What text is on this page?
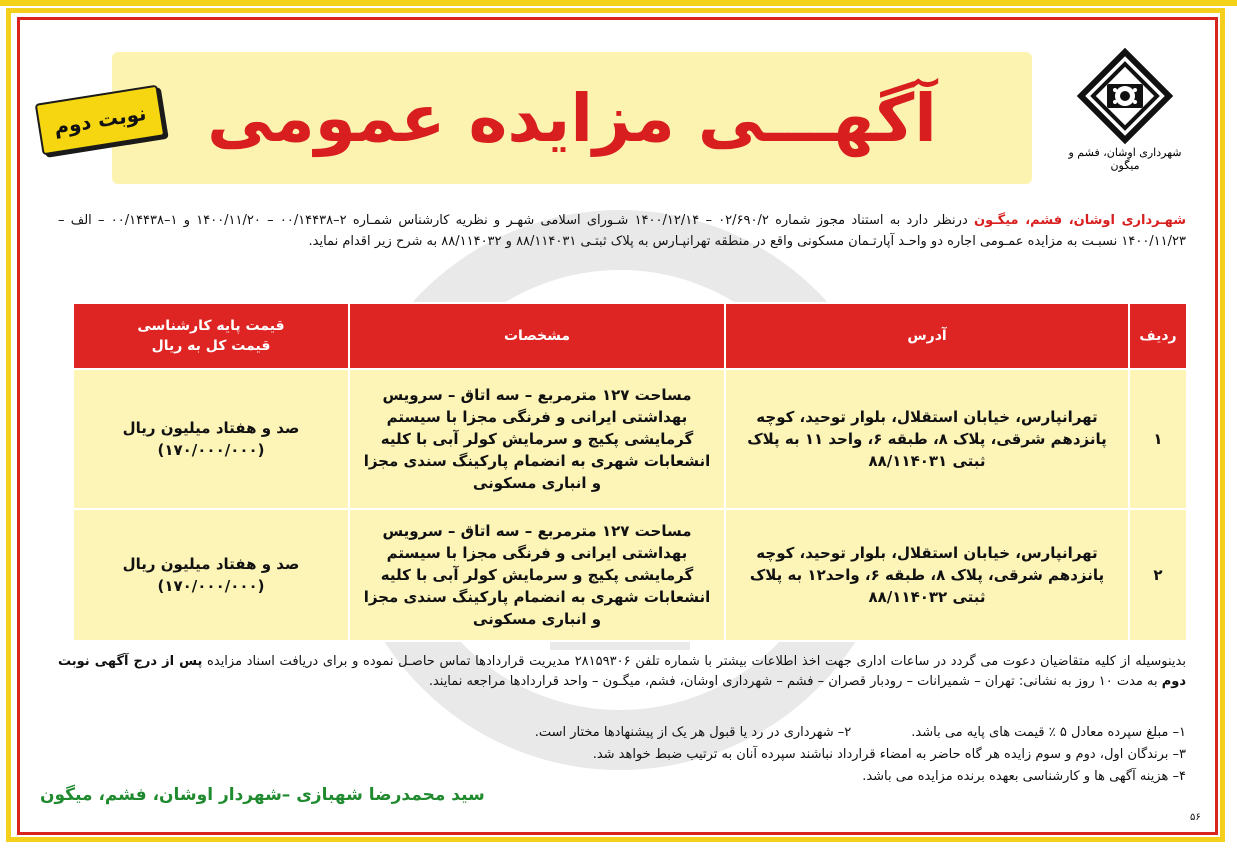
شهرداری اوشان، فشم و میگون
آگهـــی مزایده عمومی
نوبت دوم
شهـرداری اوشان، فشم، میگـون درنظر دارد به استناد مجوز شماره ۰۲/۶۹۰/۲ – ۱۴۰۰/۱۲/۱۴ شـورای اسلامی شهـر و نظریه کارشناس شمـاره ۲–۰۰/۱۴۴۳۸ – ۱۴۰۰/۱۱/۲۰ و ۱–۰۰/۱۴۴۳۸ – الف – ۱۴۰۰/۱۱/۲۳ نسبـت به مزایده عمـومی اجاره دو واحـد آپارتـمان مسکونی واقع در منطقه تهرانپـارس به پلاک ثبتـی ۸۸/۱۱۴۰۳۱ و ۸۸/۱۱۴۰۳۲ به شرح زیر اقدام نماید.
ردیف	آدرس	مشخصات	قیمت پایه کارشناسی
قیمت کل به ریال
۱	تهرانپارس، خیابان استقلال، بلوار توحید، کوچه پانزدهم شرقی، پلاک ۸، طبقه ۶، واحد ۱۱ به پلاک ثبتی ۸۸/۱۱۴۰۳۱	مساحت ۱۲۷ مترمربع – سه اتاق – سرویس بهداشتی ایرانی و فرنگی مجزا با سیستم گرمایشی پکیج و سرمایش کولر آبی با کلیه انشعابات شهری به انضمام پارکینگ سندی مجزا و انباری مسکونی	صد و هفتاد میلیون ریال
(۱۷۰/۰۰۰/۰۰۰)

۲	تهرانپارس، خیابان استقلال، بلوار توحید، کوچه پانزدهم شرقی، پلاک ۸، طبقه ۶، واحد۱۲ به پلاک ثبتی ۸۸/۱۱۴۰۳۲	مساحت ۱۲۷ مترمربع – سه اتاق – سرویس بهداشتی ایرانی و فرنگی مجزا با سیستم گرمایشی پکیج و سرمایش کولر آبی با کلیه انشعابات شهری به انضمام پارکینگ سندی مجزا و انباری مسکونی	صد و هفتاد میلیون ریال
(۱۷۰/۰۰۰/۰۰۰)
بدینوسیله از کلیه متقاضیان دعوت می گردد در ساعات اداری جهت اخذ اطلاعات بیشتر با شماره تلفن ۲۸۱۵۹۳۰۶ مدیریت قراردادها تماس حاصـل نموده و برای دریافت اسناد مزایده پس از درج آگهی نوبت دوم به مدت ۱۰ روز به نشانی: تهران – شمیرانات – رودبار قصران – فشم – شهرداری اوشان، فشم، میگـون – واحد قراردادها مراجعه نمایند.
۱– مبلغ سپرده معادل ۵ ٪ قیمت های پایه می باشد.
۲– شهرداری در رد یا قبول هر یک از پیشنهادها مختار است.
۳– برندگان اول، دوم و سوم زایده هر گاه حاضر به امضاء قرارداد نباشند سپرده آنان به ترتیب ضبط خواهد شد.
۴– هزینه آگهی ها و کارشناسی بعهده برنده مزایده می باشد.
سید محمدرضا شهبازی –شهردار اوشان، فشم، میگون
۵۶
